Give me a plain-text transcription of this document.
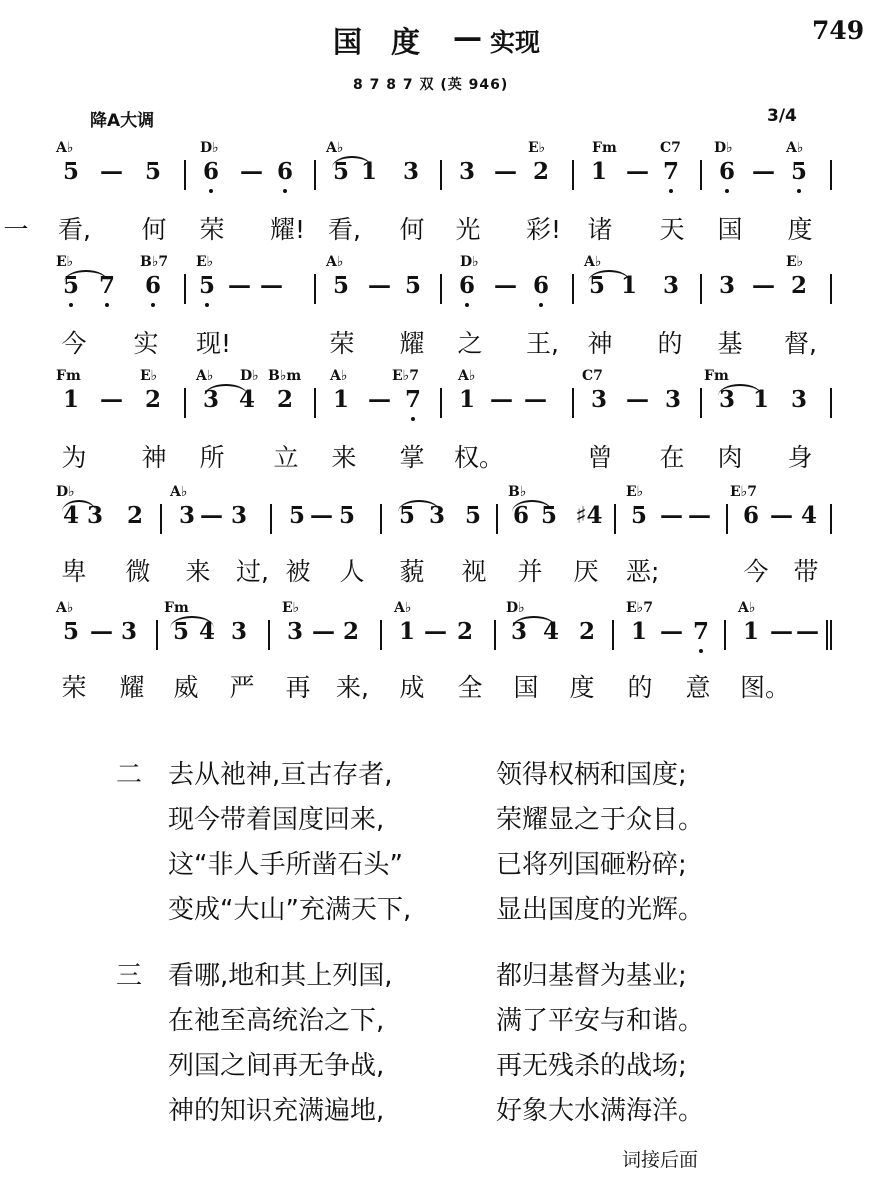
国　度 — 实现	749
8 7 8 7 双 (英 946)
降A大调	3/4
A♭	D♭	A♭	E♭	Fm	C7 D♭	A♭
5 — 5 6 — 6 5 1 3 3 — 2 1 — 7 6 — 5
一 看, 何 荣 耀! 看, 何 光 彩! 诸 天 国 度
E♭	B♭7 E♭	A♭	D♭	A♭	E♭
5 7 6 5 — — 5 — 5 6 — 6 5 1 3 3 — 2
今 实 现!	荣 耀 之 王, 神 的 基 督,
Fm	E♭	A♭ D♭ B♭m A♭	E♭7	A♭	C7	Fm
1 — 2 3 4 2 1 — 7 1 — — 3 — 3 3 1 3
为 神 所 立 来 掌 权。	曾 在 肉 身
D♭	A♭	B♭	E♭	E♭7
4 3 2 3 — 3 5 — 5 5 3 5 6 5 ♯4 5 — — 6 — 4
卑 微 来 过, 被 人 藐 视 并 厌 恶;	今 带
A♭	Fm	E♭	A♭	D♭	E♭7	A♭
5 — 3 5 4 3 3 — 2 1 — 2 3 4 2 1 — 7 1 — —
荣 耀 威 严 再 来, 成 全 国 度 的 意 图。
二 去从祂神,亘古存者,	领得权柄和国度;
现今带着国度回来,	荣耀显之于众目。
这“非人手所凿石头”	已将列国砸粉碎;
变成“大山”充满天下,	显出国度的光辉。
三 看哪,地和其上列国,	都归基督为基业;
在祂至高统治之下,	满了平安与和谐。
列国之间再无争战,	再无残杀的战场;
神的知识充满遍地,	好象大水满海洋。
词接后面
